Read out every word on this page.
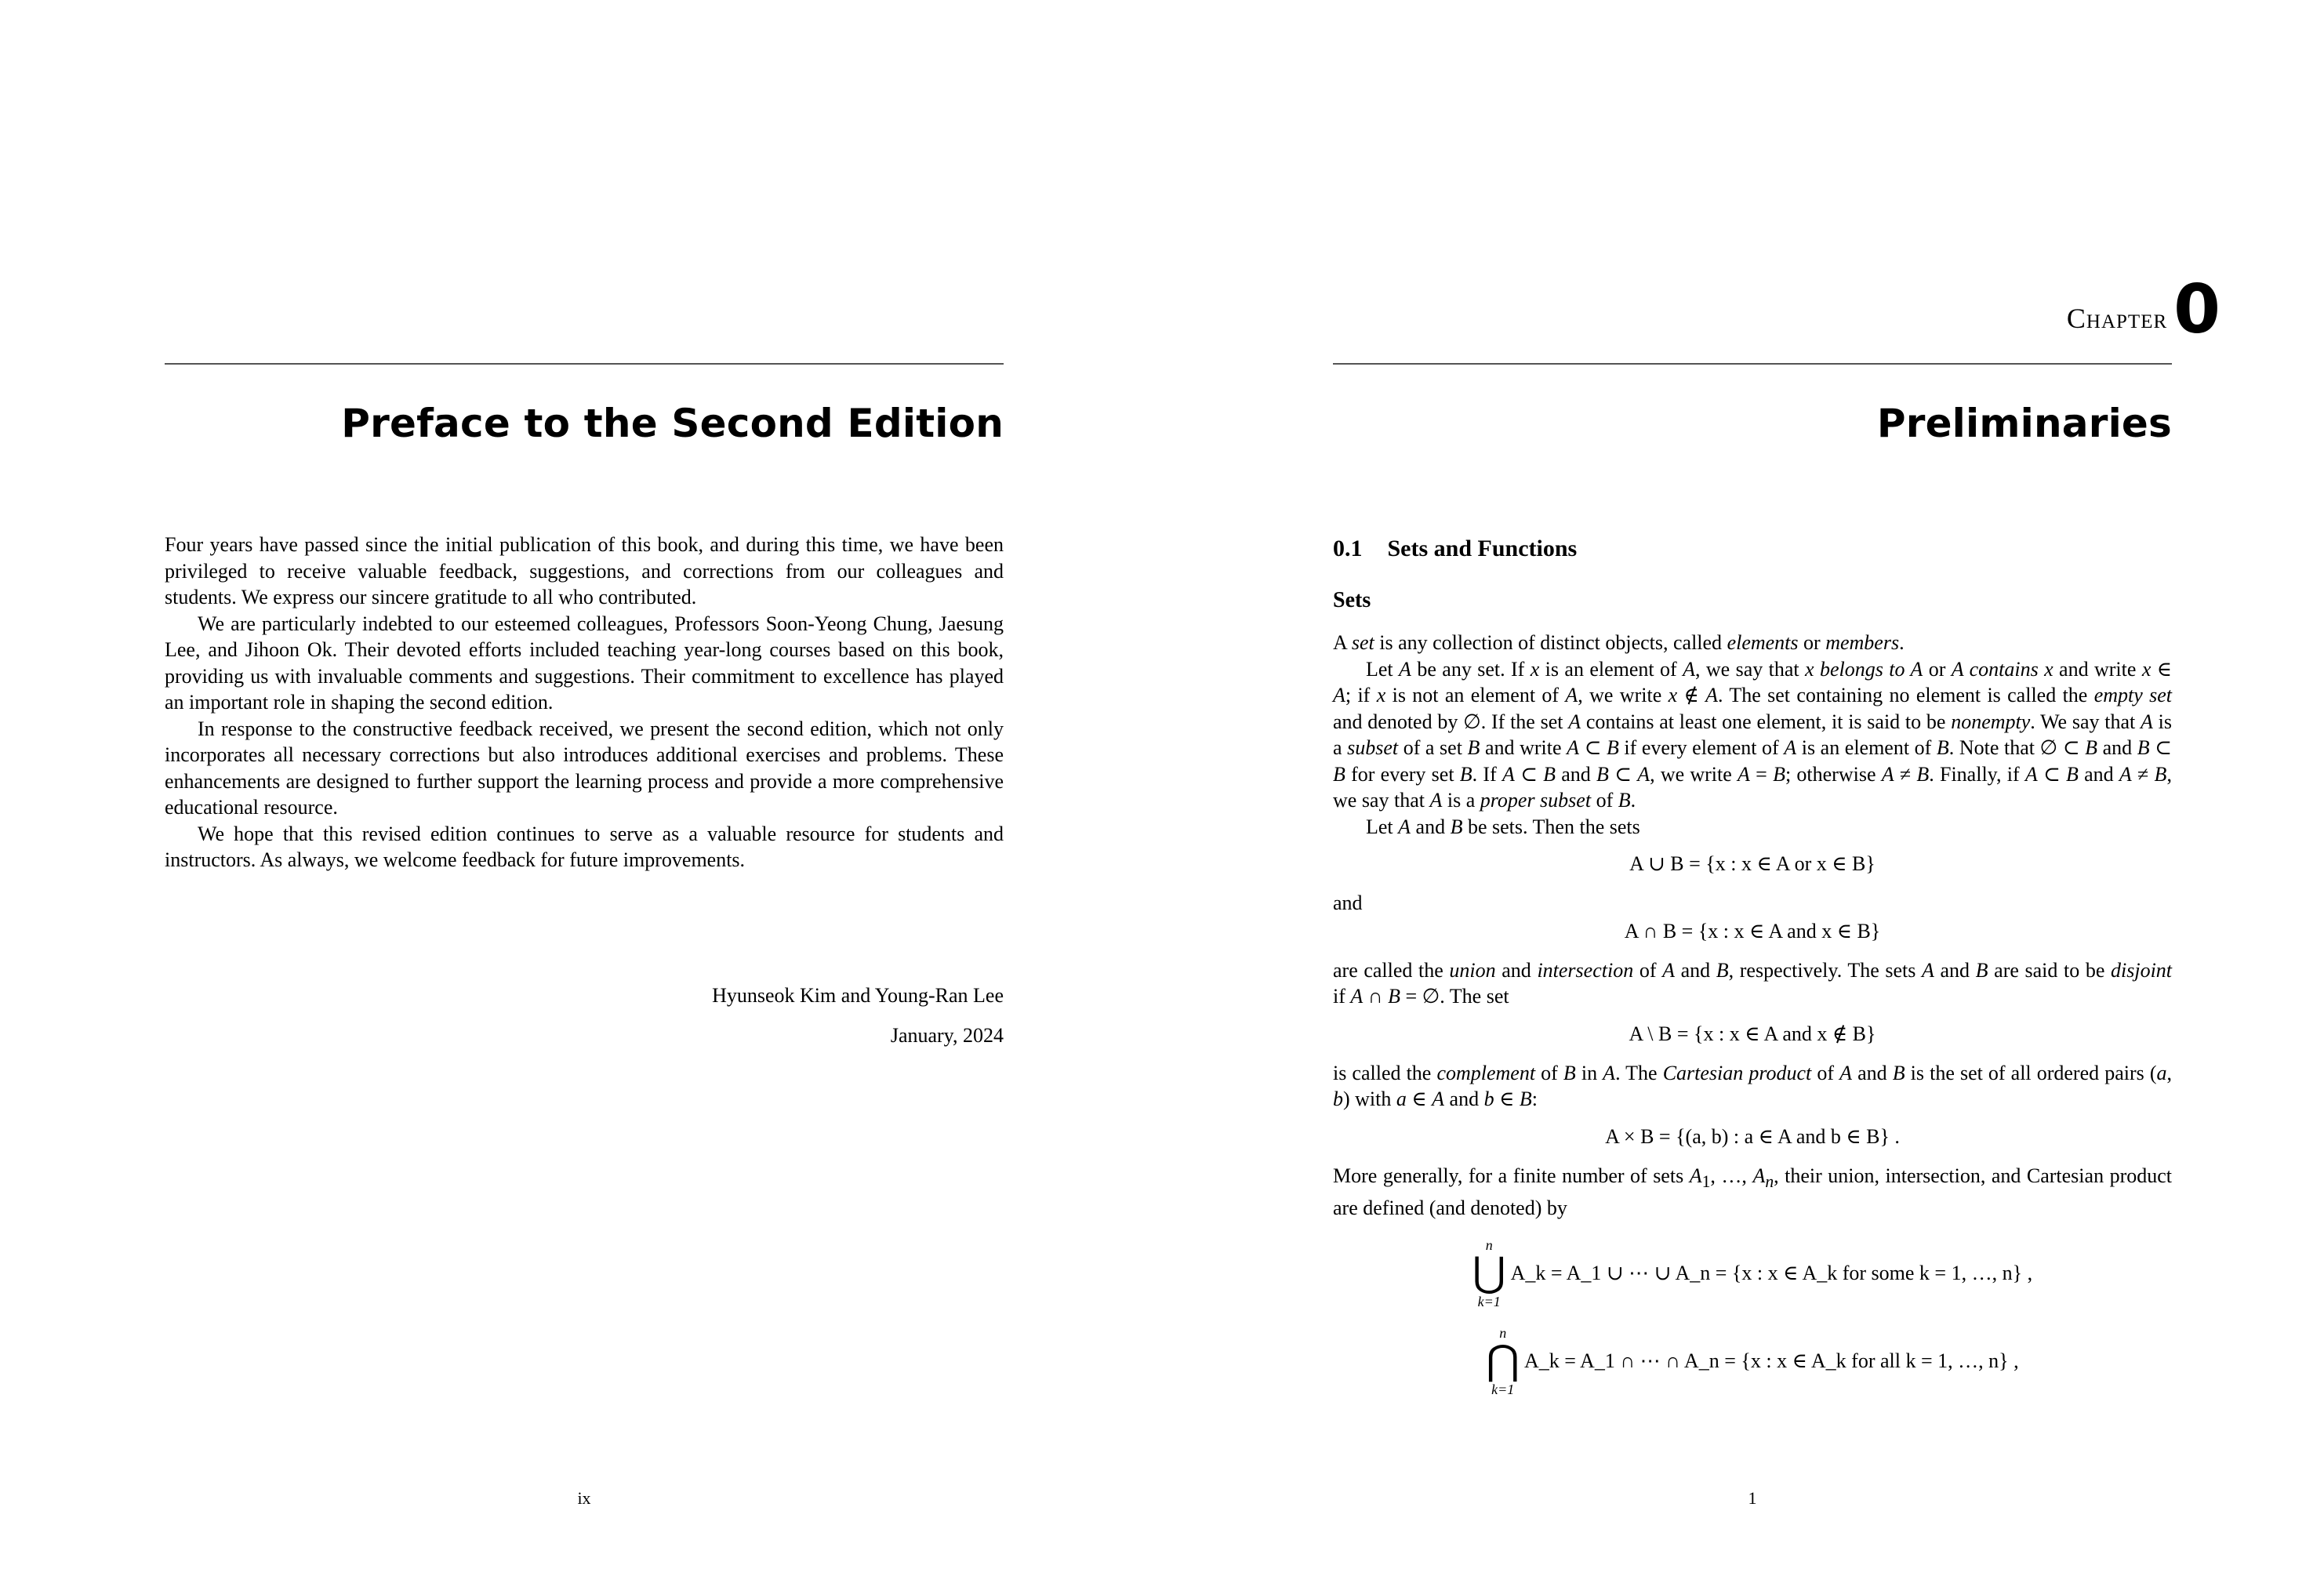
Preface to the Second Edition

Four years have passed since the initial publication of this book, and during this time, we have been privileged to receive valuable feedback, suggestions, and corrections from our colleagues and students. We express our sincere gratitude to all who contributed.

We are particularly indebted to our esteemed colleagues, Professors Soon-Yeong Chung, Jaesung Lee, and Jihoon Ok. Their devoted efforts included teaching year-long courses based on this book, providing us with invaluable comments and suggestions. Their commitment to excellence has played an important role in shaping the second edition.

In response to the constructive feedback received, we present the second edition, which not only incorporates all necessary corrections but also introduces additional exercises and problems. These enhancements are designed to further support the learning process and provide a more comprehensive educational resource.

We hope that this revised edition continues to serve as a valuable resource for students and instructors. As always, we welcome feedback for future improvements.

Hyunseok Kim and Young-Ran Lee
January, 2024
ix
Chapter0
Preliminaries
0.1 Sets and Functions
Sets

A set is any collection of distinct objects, called elements or members.

Let A be any set. If x is an element of A, we say that x belongs to A or A contains x and write x ∈ A; if x is not an element of A, we write x ∉ A. The set containing no element is called the empty set and denoted by ∅. If the set A contains at least one element, it is said to be nonempty. We say that A is a subset of a set B and write A ⊂ B if every element of A is an element of B. Note that ∅ ⊂ B and B ⊂ B for every set B. If A ⊂ B and B ⊂ A, we write A = B; otherwise A ≠ B. Finally, if A ⊂ B and A ≠ B, we say that A is a proper subset of B.

Let A and B be sets. Then the sets

A ∪ B = {x : x ∈ A or x ∈ B}

and

A ∩ B = {x : x ∈ A and x ∈ B}

are called the union and intersection of A and B, respectively. The sets A and B are said to be disjoint if A ∩ B = ∅. The set

A \ B = {x : x ∈ A and x ∉ B}

is called the complement of B in A. The Cartesian product of A and B is the set of all ordered pairs (a, b) with a ∈ A and b ∈ B:

A × B = {(a, b) : a ∈ A and b ∈ B} .

More generally, for a finite number of sets $A_1$, …, $A_n$, their union, intersection, and Cartesian product are defined (and denoted) by

n
⋃
k=1
A_k = A_1 ∪ ⋯ ∪ A_n = {x : x ∈ A_k for some k = 1, …, n} ,
n
⋂
k=1
A_k = A_1 ∩ ⋯ ∩ A_n = {x : x ∈ A_k for all k = 1, …, n} ,
1
